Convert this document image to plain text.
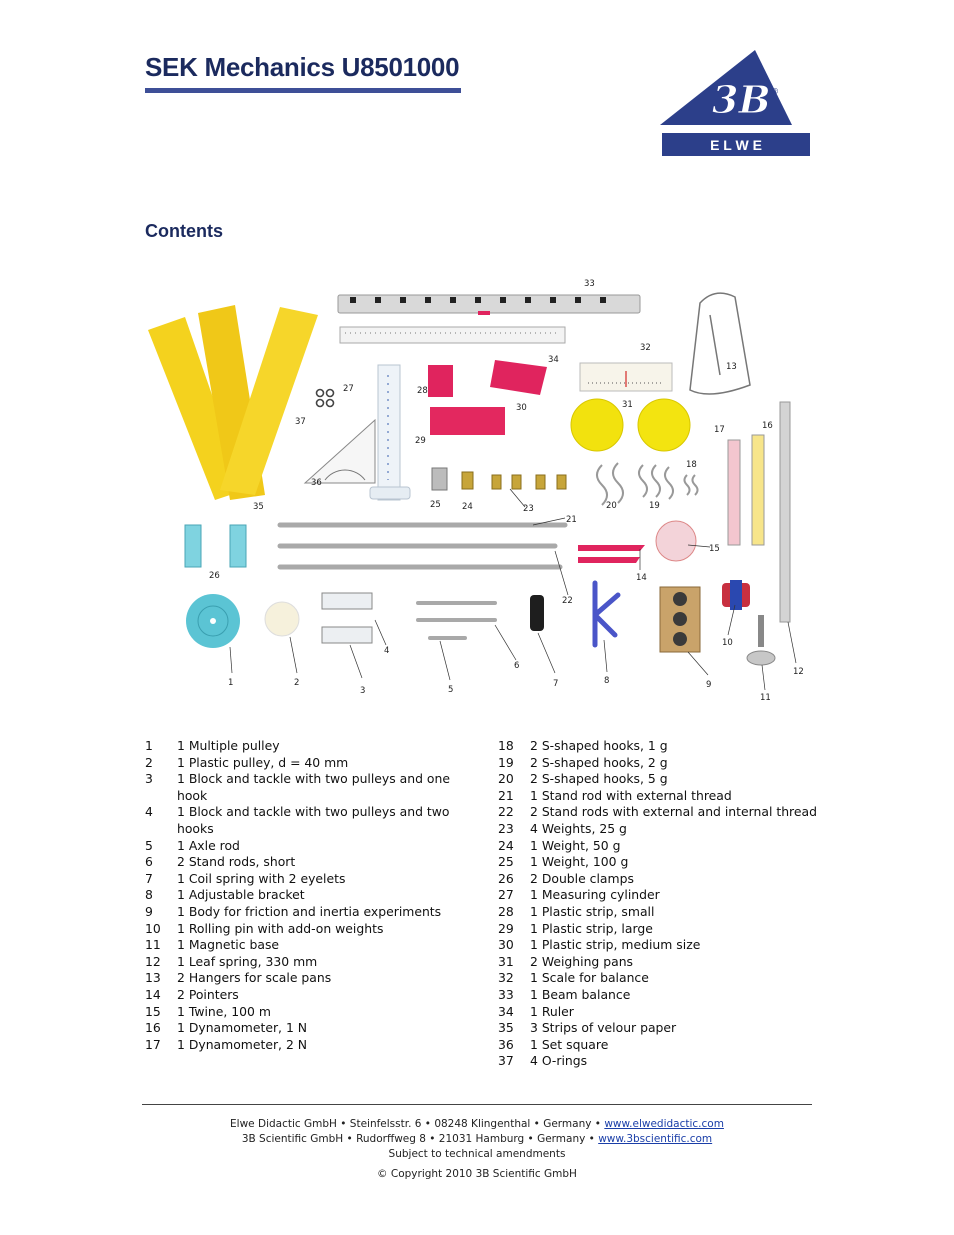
SEK Mechanics U8501000
3B ®
E L W E
Contents
1	2
3
4
5
6
7	8	9
10
11
12
13
14
15
16
17
18
19
20
21
22
23
24
25
26
27	28
29
30	31
32
33
34
35
36
37
1	1 Multiple pulley
2	1 Plastic pulley, d = 40 mm
3	1 Block and tackle with two pulleys and one hook
4	1 Block and tackle with two pulleys and two hooks
5	1 Axle rod
6	2 Stand rods, short
7	1 Coil spring with 2 eyelets
8	1 Adjustable bracket
9	1 Body for friction and inertia experiments
10	1 Rolling pin with add-on weights
11	1 Magnetic base
12	1 Leaf spring, 330 mm
13	2 Hangers for scale pans
14	2 Pointers
15	1 Twine, 100 m
16	1 Dynamometer, 1 N
17	1 Dynamometer, 2 N
18	2 S-shaped hooks, 1 g
19	2 S-shaped hooks, 2 g
20	2 S-shaped hooks, 5 g
21	1 Stand rod with external thread
22	2 Stand rods with external and internal thread
23	4 Weights, 25 g
24	1 Weight, 50 g
25	1 Weight, 100 g
26	2 Double clamps
27	1 Measuring cylinder
28	1 Plastic strip, small
29	1 Plastic strip, large
30	1 Plastic strip, medium size
31	2 Weighing pans
32	1 Scale for balance
33	1 Beam balance
34	1 Ruler
35	3 Strips of velour paper
36	1 Set square
37	4 O-rings
Elwe Didactic GmbH • Steinfelsstr. 6 • 08248 Klingenthal • Germany • www.elwedidactic.com
3B Scientific GmbH • Rudorffweg 8 • 21031 Hamburg • Germany • www.3bscientific.com
Subject to technical amendments
© Copyright 2010 3B Scientific GmbH
